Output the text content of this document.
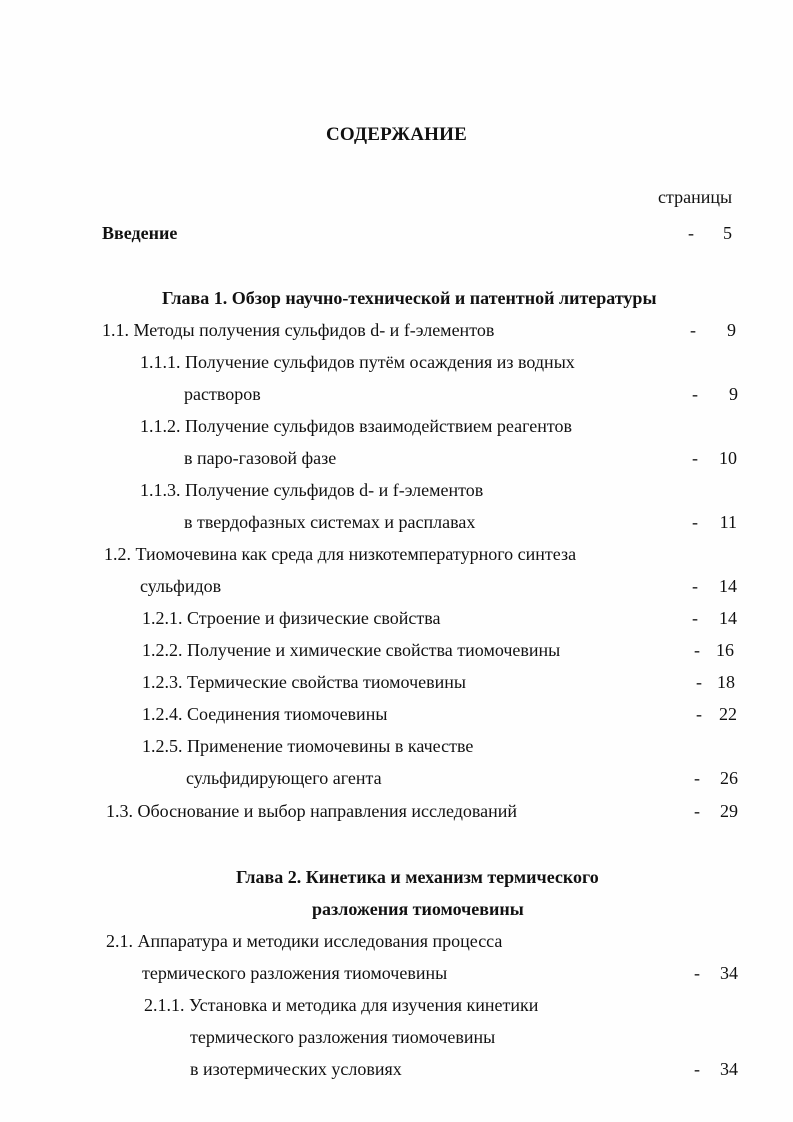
СОДЕРЖАНИЕ
страницы
Введение	-	5
Глава 1. Обзор научно-технической и патентной литературы
1.1. Методы получения сульфидов d- и f-элементов	-	9
1.1.1. Получение сульфидов путём осаждения из водных
растворов	-	9
1.1.2. Получение сульфидов взаимодействием реагентов
в паро-газовой фазе	-	10
1.1.3. Получение сульфидов d- и f-элементов
в твердофазных системах и расплавах	-	11
1.2. Тиомочевина как среда для низкотемпературного синтеза
сульфидов	-	14
1.2.1. Строение и физические свойства	-	14
1.2.2. Получение и химические свойства тиомочевины	- 16
1.2.3. Термические свойства тиомочевины	- 18
1.2.4. Соединения тиомочевины	- 22
1.2.5. Применение тиомочевины в качестве
сульфидирующего агента	-	26
1.3. Обоснование и выбор направления исследований	-	29
Глава 2. Кинетика и механизм термического
разложения тиомочевины
2.1. Аппаратура и методики исследования процесса
термического разложения тиомочевины	-	34
2.1.1. Установка и методика для изучения кинетики
термического разложения тиомочевины
в изотермических условиях	-	34
